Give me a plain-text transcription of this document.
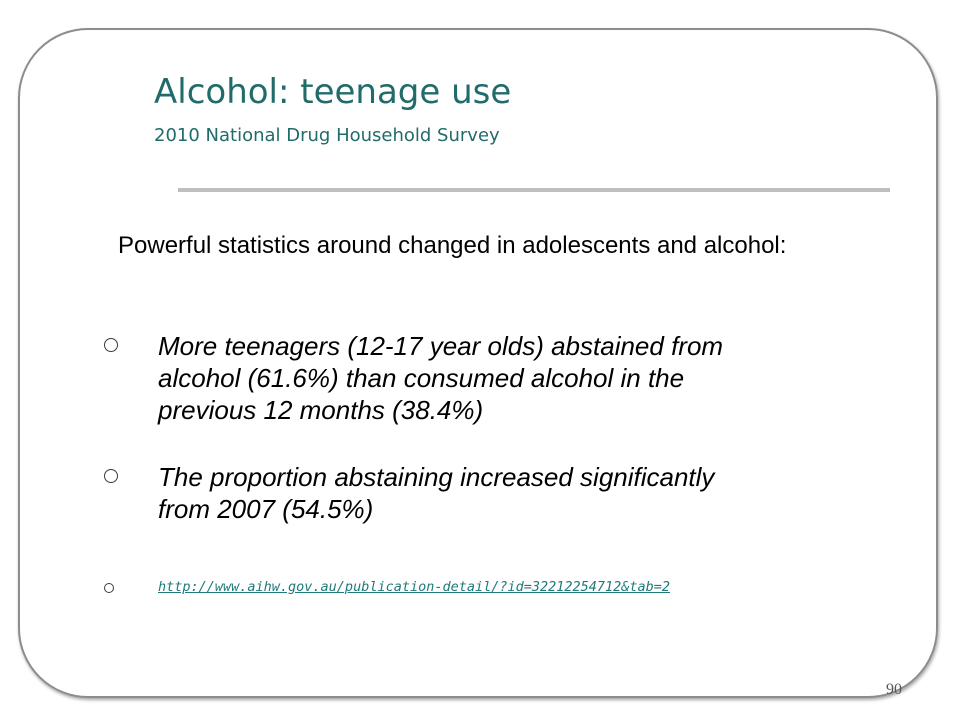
Alcohol: teenage use
2010 National Drug Household Survey
Powerful statistics around changed in adolescents and alcohol:
More teenagers (12-17 year olds) abstained from
alcohol (61.6%) than consumed alcohol in the
previous 12 months (38.4%)
The proportion abstaining increased significantly
from 2007 (54.5%)
http://www.aihw.gov.au/publication-detail/?id=32212254712&tab=2
90
